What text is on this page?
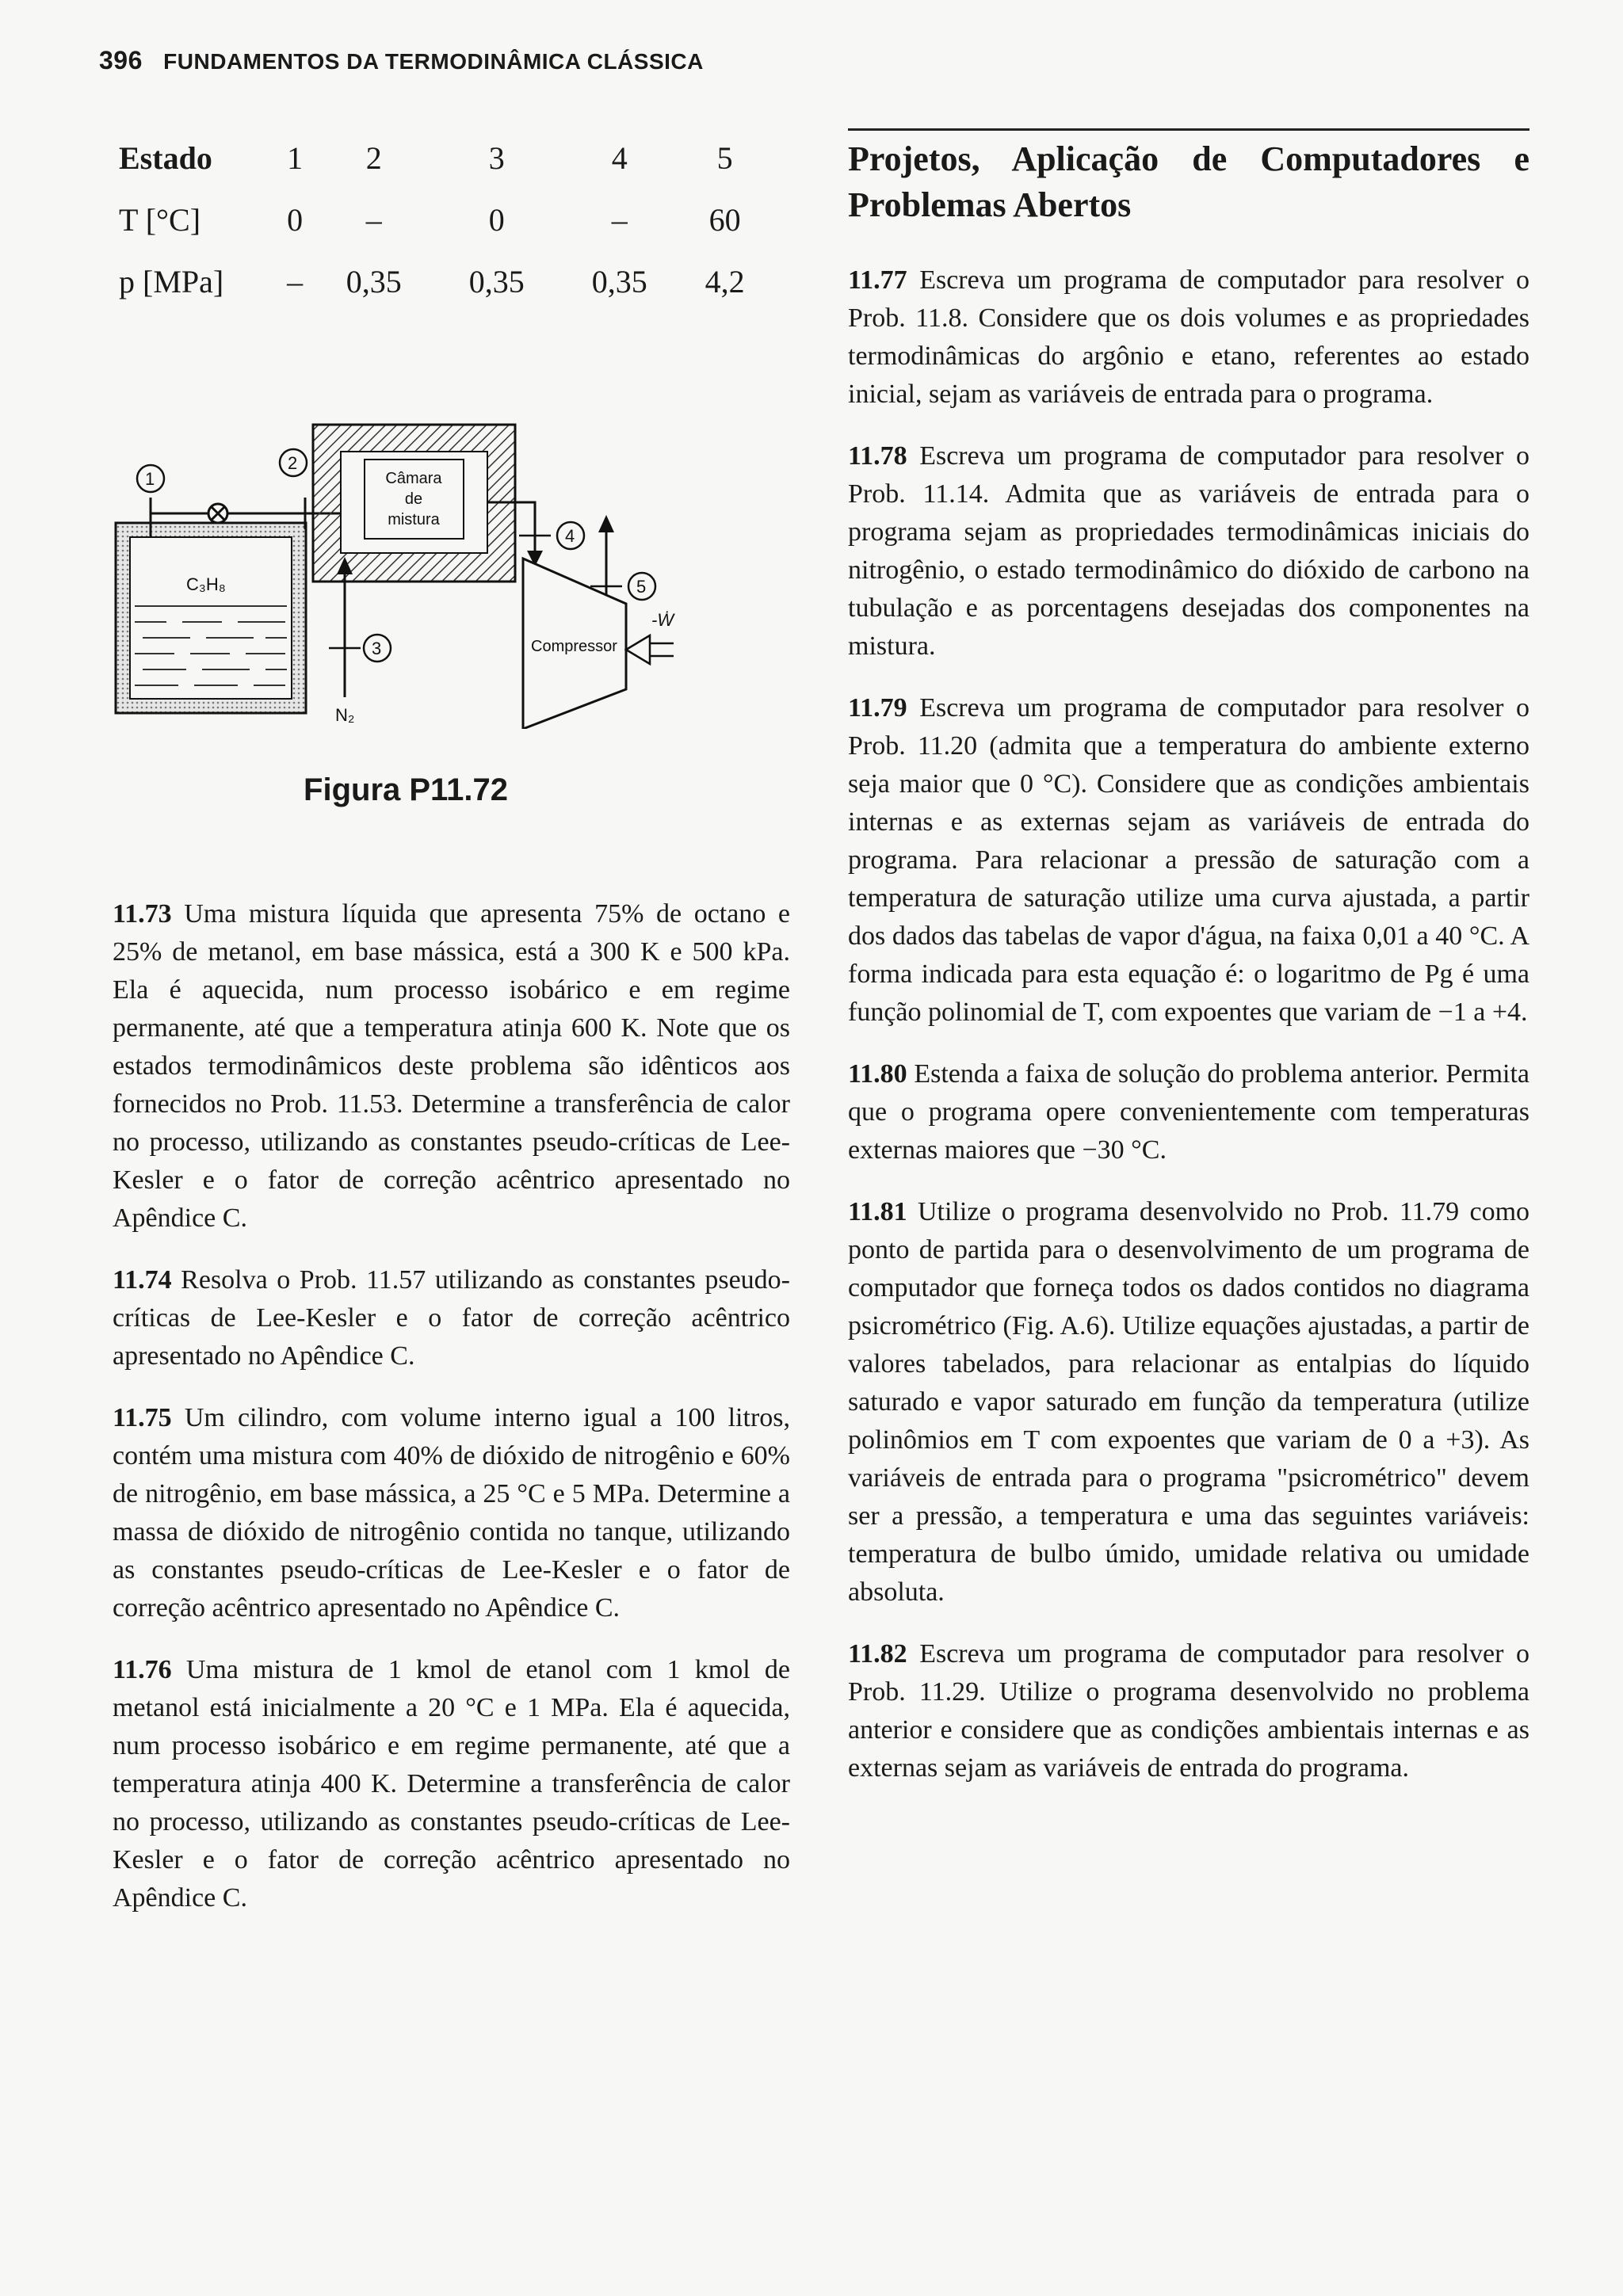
396 FUNDAMENTOS DA TERMODINÂMICA CLÁSSICA
Estado	1	2	3	4	5
T [°C]	0	–	0	–	60
p [MPa]	–	0,35	0,35	0,35	4,2
C₃H₈
1
2
Câmara
de
mistura
N₂
3
4
Compressor
-Ẇ
5
Figura P11.72

11.73 Uma mistura líquida que apresenta 75% de octano e 25% de metanol, em base mássica, está a 300 K e 500 kPa. Ela é aquecida, num processo isobárico e em regime permanente, até que a temperatura atinja 600 K. Note que os estados termodinâmicos deste problema são idênticos aos fornecidos no Prob. 11.53. Determine a transferência de calor no processo, utilizando as constantes pseudo-críticas de Lee-Kesler e o fator de correção acêntrico apresentado no Apêndice C.

11.74 Resolva o Prob. 11.57 utilizando as constantes pseudo-críticas de Lee-Kesler e o fator de correção acêntrico apresentado no Apêndice C.

11.75 Um cilindro, com volume interno igual a 100 litros, contém uma mistura com 40% de dióxido de nitrogênio e 60% de nitrogênio, em base mássica, a 25 °C e 5 MPa. Determine a massa de dióxido de nitrogênio contida no tanque, utilizando as constantes pseudo-críticas de Lee-Kesler e o fator de correção acêntrico apresentado no Apêndice C.

11.76 Uma mistura de 1 kmol de etanol com 1 kmol de metanol está inicialmente a 20 °C e 1 MPa. Ela é aquecida, num processo isobárico e em regime permanente, até que a temperatura atinja 400 K. Determine a transferência de calor no processo, utilizando as constantes pseudo-críticas de Lee-Kesler e o fator de correção acêntrico apresentado no Apêndice C.

Projetos, Aplicação de Computadores e Problemas Abertos

11.77 Escreva um programa de computador para resolver o Prob. 11.8. Considere que os dois volumes e as propriedades termodinâmicas do argônio e etano, referentes ao estado inicial, sejam as variáveis de entrada para o programa.

11.78 Escreva um programa de computador para resolver o Prob. 11.14. Admita que as variáveis de entrada para o programa sejam as propriedades termodinâmicas iniciais do nitrogênio, o estado termodinâmico do dióxido de carbono na tubulação e as porcentagens desejadas dos componentes na mistura.

11.79 Escreva um programa de computador para resolver o Prob. 11.20 (admita que a temperatura do ambiente externo seja maior que 0 °C). Considere que as condições ambientais internas e as externas sejam as variáveis de entrada do programa. Para relacionar a pressão de saturação com a temperatura de saturação utilize uma curva ajustada, a partir dos dados das tabelas de vapor d'água, na faixa 0,01 a 40 °C. A forma indicada para esta equação é: o logaritmo de Pg é uma função polinomial de T, com expoentes que variam de −1 a +4.

11.80 Estenda a faixa de solução do problema anterior. Permita que o programa opere convenientemente com temperaturas externas maiores que −30 °C.

11.81 Utilize o programa desenvolvido no Prob. 11.79 como ponto de partida para o desenvolvimento de um programa de computador que forneça todos os dados contidos no diagrama psicrométrico (Fig. A.6). Utilize equações ajustadas, a partir de valores tabelados, para relacionar as entalpias do líquido saturado e vapor saturado em função da temperatura (utilize polinômios em T com expoentes que variam de 0 a +3). As variáveis de entrada para o programa "psicrométrico" devem ser a pressão, a temperatura e uma das seguintes variáveis: temperatura de bulbo úmido, umidade relativa ou umidade absoluta.

11.82 Escreva um programa de computador para resolver o Prob. 11.29. Utilize o programa desenvolvido no problema anterior e considere que as condições ambientais internas e as externas sejam as variáveis de entrada do programa.
